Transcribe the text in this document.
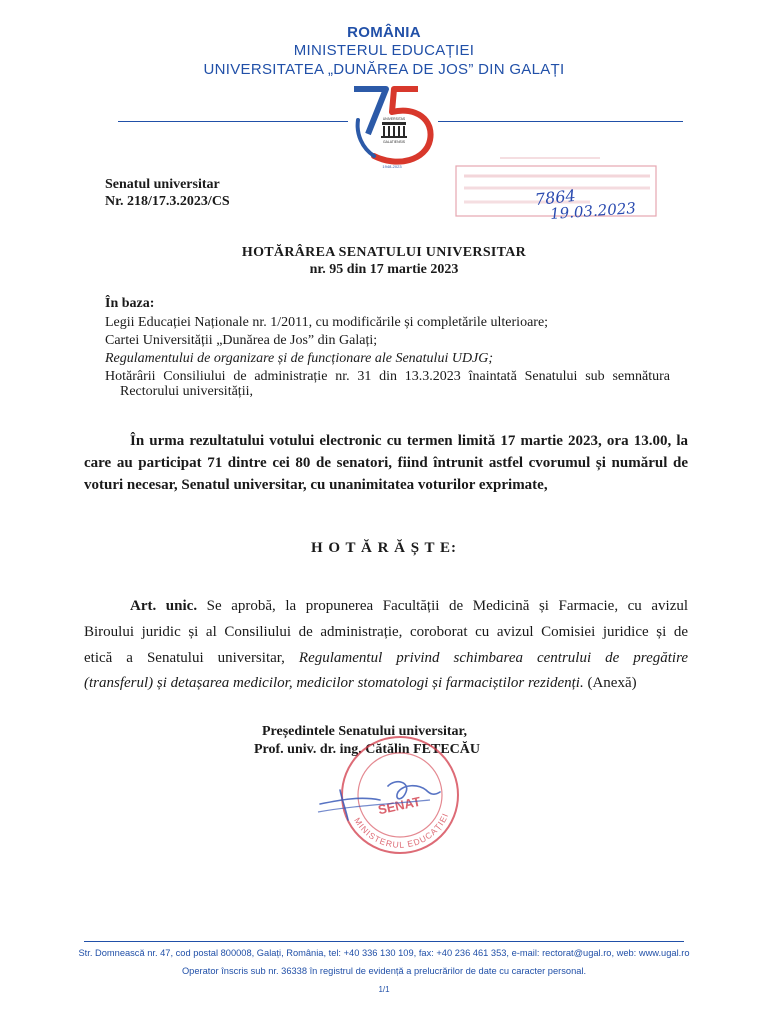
ROMÂNIA
MINISTERUL EDUCAȚIEI
UNIVERSITATEA „DUNĂREA DE JOS” DIN GALAȚI
UNIVERSITAS
GALATIENSIS
1948-2023
7864
19.03.2023
Senatul universitar
Nr. 218/17.3.2023/CS
HOTĂRÂREA SENATULUI UNIVERSITAR
nr. 95 din 17 martie 2023
În baza:
Legii Educației Naționale nr. 1/2011, cu modificările și completările ulterioare;
Cartei Universității „Dunărea de Jos” din Galați;
Regulamentului de organizare și de funcționare ale Senatului UDJG;
Hotărârii Consiliului de administrație nr. 31 din 13.3.2023 înaintată Senatului sub semnătura
Rectorului universității,
În urma rezultatului votului electronic cu termen limită 17 martie 2023, ora 13.00, la
care au participat 71 dintre cei 80 de senatori, fiind întrunit astfel cvorumul și numărul de
voturi necesar, Senatul universitar, cu unanimitatea voturilor exprimate,
H O T Ă R Ă Ș T E:
Art. unic. Se aprobă, la propunerea Facultății de Medicină și Farmacie, cu avizul
Biroului juridic și al Consiliului de administrație, coroborat cu avizul Comisiei juridice și de
etică a Senatului universitar, Regulamentul privind schimbarea centrului de pregătire
(transferul) și detașarea medicilor, medicilor stomatologi și farmaciștilor rezidenți. (Anexă)
Președintele Senatului universitar,
Prof. univ. dr. ing. Cătălin FETECĂU
SENAT
MINISTERUL EDUCAȚIEI
Str. Domnească nr. 47, cod postal 800008, Galați, România, tel: +40 336 130 109, fax: +40 236 461 353, e-mail: rectorat@ugal.ro, web: www.ugal.ro
Operator înscris sub nr. 36338 în registrul de evidență a prelucrărilor de date cu caracter personal.
1/1
